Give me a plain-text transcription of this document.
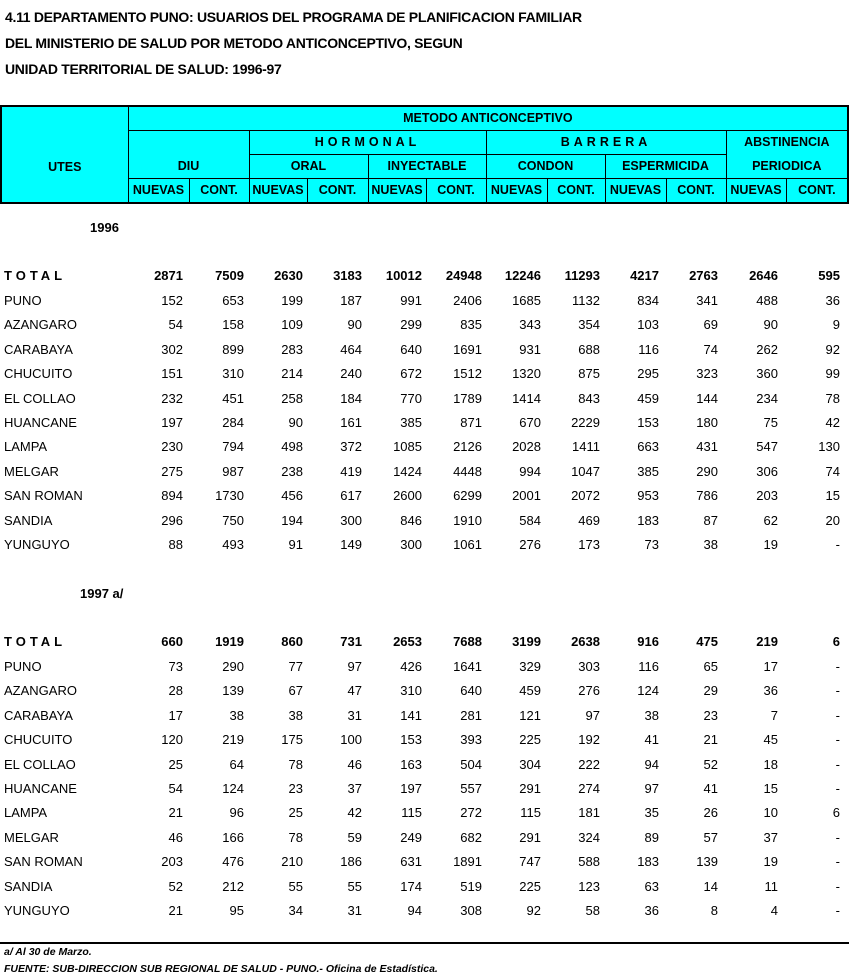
4.11 DEPARTAMENTO PUNO: USUARIOS DEL PROGRAMA DE PLANIFICACION FAMILIAR
DEL MINISTERIO DE SALUD POR METODO ANTICONCEPTIVO, SEGUN
UNIDAD TERRITORIAL DE SALUD: 1996-97
UTES	METODO ANTICONCEPTIVO											
	DIU		HORMONAL				BARRERA				ABSTINENCIA	
			ORAL		INYECTABLE		CONDON		ESPERMICIDA		PERIODICA	
	NUEVAS	CONT.	NUEVAS	CONT.	NUEVAS	CONT.	NUEVAS	CONT.	NUEVAS	CONT.	NUEVAS	CONT.
1996
TOTAL	2871	7509	2630	3183	10012	24948	12246	11293	4217	2763	2646	595
PUNO	152	653	199	187	991	2406	1685	1132	834	341	488	36
AZANGARO	54	158	109	90	299	835	343	354	103	69	90	9
CARABAYA	302	899	283	464	640	1691	931	688	116	74	262	92
CHUCUITO	151	310	214	240	672	1512	1320	875	295	323	360	99
EL COLLAO	232	451	258	184	770	1789	1414	843	459	144	234	78
HUANCANE	197	284	90	161	385	871	670	2229	153	180	75	42
LAMPA	230	794	498	372	1085	2126	2028	1411	663	431	547	130
MELGAR	275	987	238	419	1424	4448	994	1047	385	290	306	74
SAN ROMAN	894	1730	456	617	2600	6299	2001	2072	953	786	203	15
SANDIA	296	750	194	300	846	1910	584	469	183	87	62	20
YUNGUYO	88	493	91	149	300	1061	276	173	73	38	19	-
1997 a/
TOTAL	660	1919	860	731	2653	7688	3199	2638	916	475	219	6
PUNO	73	290	77	97	426	1641	329	303	116	65	17	-
AZANGARO	28	139	67	47	310	640	459	276	124	29	36	-
CARABAYA	17	38	38	31	141	281	121	97	38	23	7	-
CHUCUITO	120	219	175	100	153	393	225	192	41	21	45	-
EL COLLAO	25	64	78	46	163	504	304	222	94	52	18	-
HUANCANE	54	124	23	37	197	557	291	274	97	41	15	-
LAMPA	21	96	25	42	115	272	115	181	35	26	10	6
MELGAR	46	166	78	59	249	682	291	324	89	57	37	-
SAN ROMAN	203	476	210	186	631	1891	747	588	183	139	19	-
SANDIA	52	212	55	55	174	519	225	123	63	14	11	-
YUNGUYO	21	95	34	31	94	308	92	58	36	8	4	-
a/ Al 30 de Marzo.
FUENTE: SUB-DIRECCION SUB REGIONAL DE SALUD - PUNO.- Oficina de Estadística.
